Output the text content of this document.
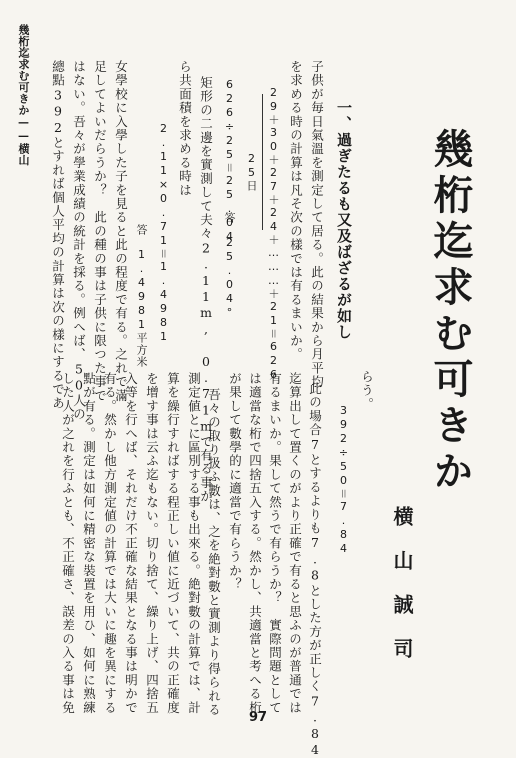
幾桁迄求む可きか——横山
幾桁迄求む可きか
横山誠司
一、過ぎたるも又及ばざるが如し
らう。
392÷50＝7.84
此の場合7とするよりも7.8とした方が正しく7.84
迄算出して置くのがより正確で有ると思ふのが普通では
有るまいか。果して然うで有らうか？　實際問題として
は適當な桁で四捨五入する。然かし、共適當と考へる桁
が果して數學的に適當で有らうか？
吾々の取り扱ふ數は、之を絶對數と實測より得られる
測定値とに區別する事も出來る。絶對數の計算では、計
算を繰行すればする程正しい値に近づいて、共の正確度
を增す事は云ふ迄もない。切り捨て、繰り上げ、四捨五
入等を行へば、それだけ不正確な結果となる事は明かで
有る。然かし他方測定値の計算では大いに趣を異にする
點が有る。測定は如何に精密な裝置を用ひ、如何に熟練
した人が之れを行ふとも、不正確さ、誤差の入る事は免
子供が毎日氣溫を測定して居る。此の結果から月平均
を求める時の計算は凡そ次の樣では有るまいか。
29＋30＋27＋24＋………＋21＝626
25日
626÷25＝25.04
答　25.04°
矩形の二邊を實測して夫々2.11m, 0.71mで有る事か
ら共面積を求める時は
2.11×0.71＝1.4981
答　1.4981平方米
女學校に入學した子を見ると此の程度で有る。之れで滿
足してよいだらうか？　此の種の事は子供に限つた事で
はない。吾々が學業成績の統計を採る。例へば、50人の
總點392とすれば個人平均の計算は次の樣にするであ
97
